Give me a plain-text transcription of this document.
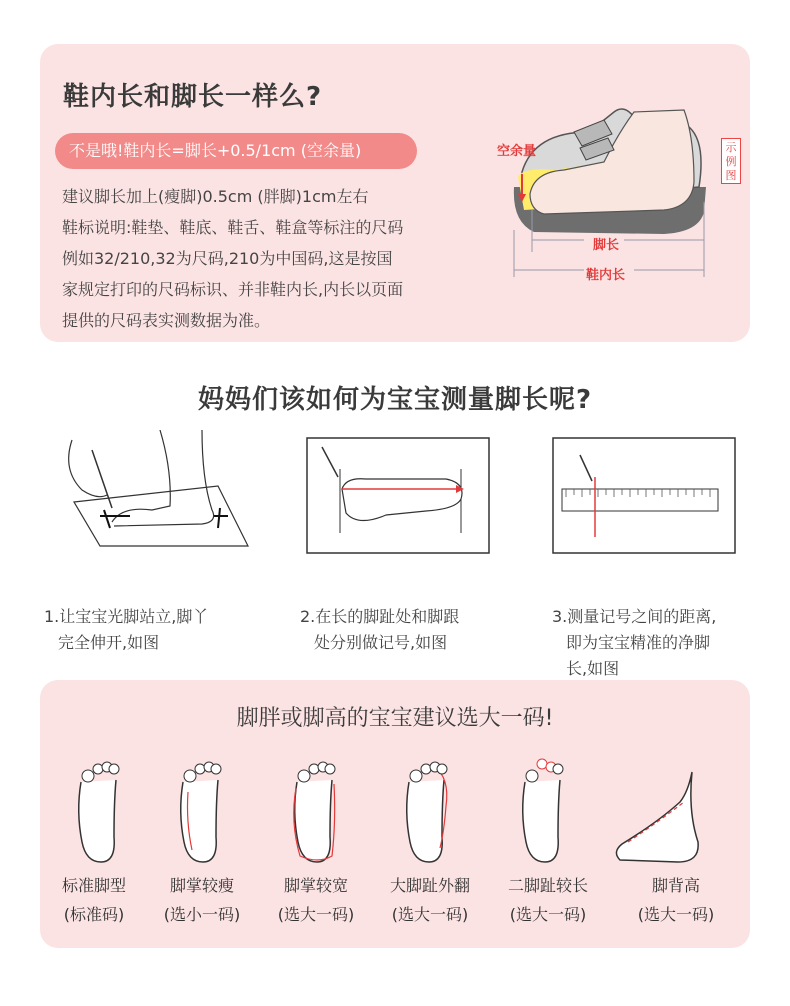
鞋内长和脚长一样么?
不是哦!鞋内长=脚长+0.5/1cm (空余量)
建议脚长加上(瘦脚)0.5cm (胖脚)1cm左右
鞋标说明:鞋垫、鞋底、鞋舌、鞋盒等标注的尺码
例如32/210,32为尺码,210为中国码,这是按国
家规定打印的尺码标识、并非鞋内长,内长以页面
提供的尺码表实测数据为准。
空余量
脚长
鞋内长
示例图
妈妈们该如何为宝宝测量脚长呢?
1.让宝宝光脚站立,脚丫
完全伸开,如图
2.在长的脚趾处和脚跟
处分别做记号,如图
3.测量记号之间的距离,
即为宝宝精准的净脚
长,如图
脚胖或脚高的宝宝建议选大一码!
标准脚型	脚掌较瘦	脚掌较宽	大脚趾外翻	二脚趾较长	脚背高
(标准码)	(选小一码)	(选大一码)	(选大一码)	(选大一码)	(选大一码)
